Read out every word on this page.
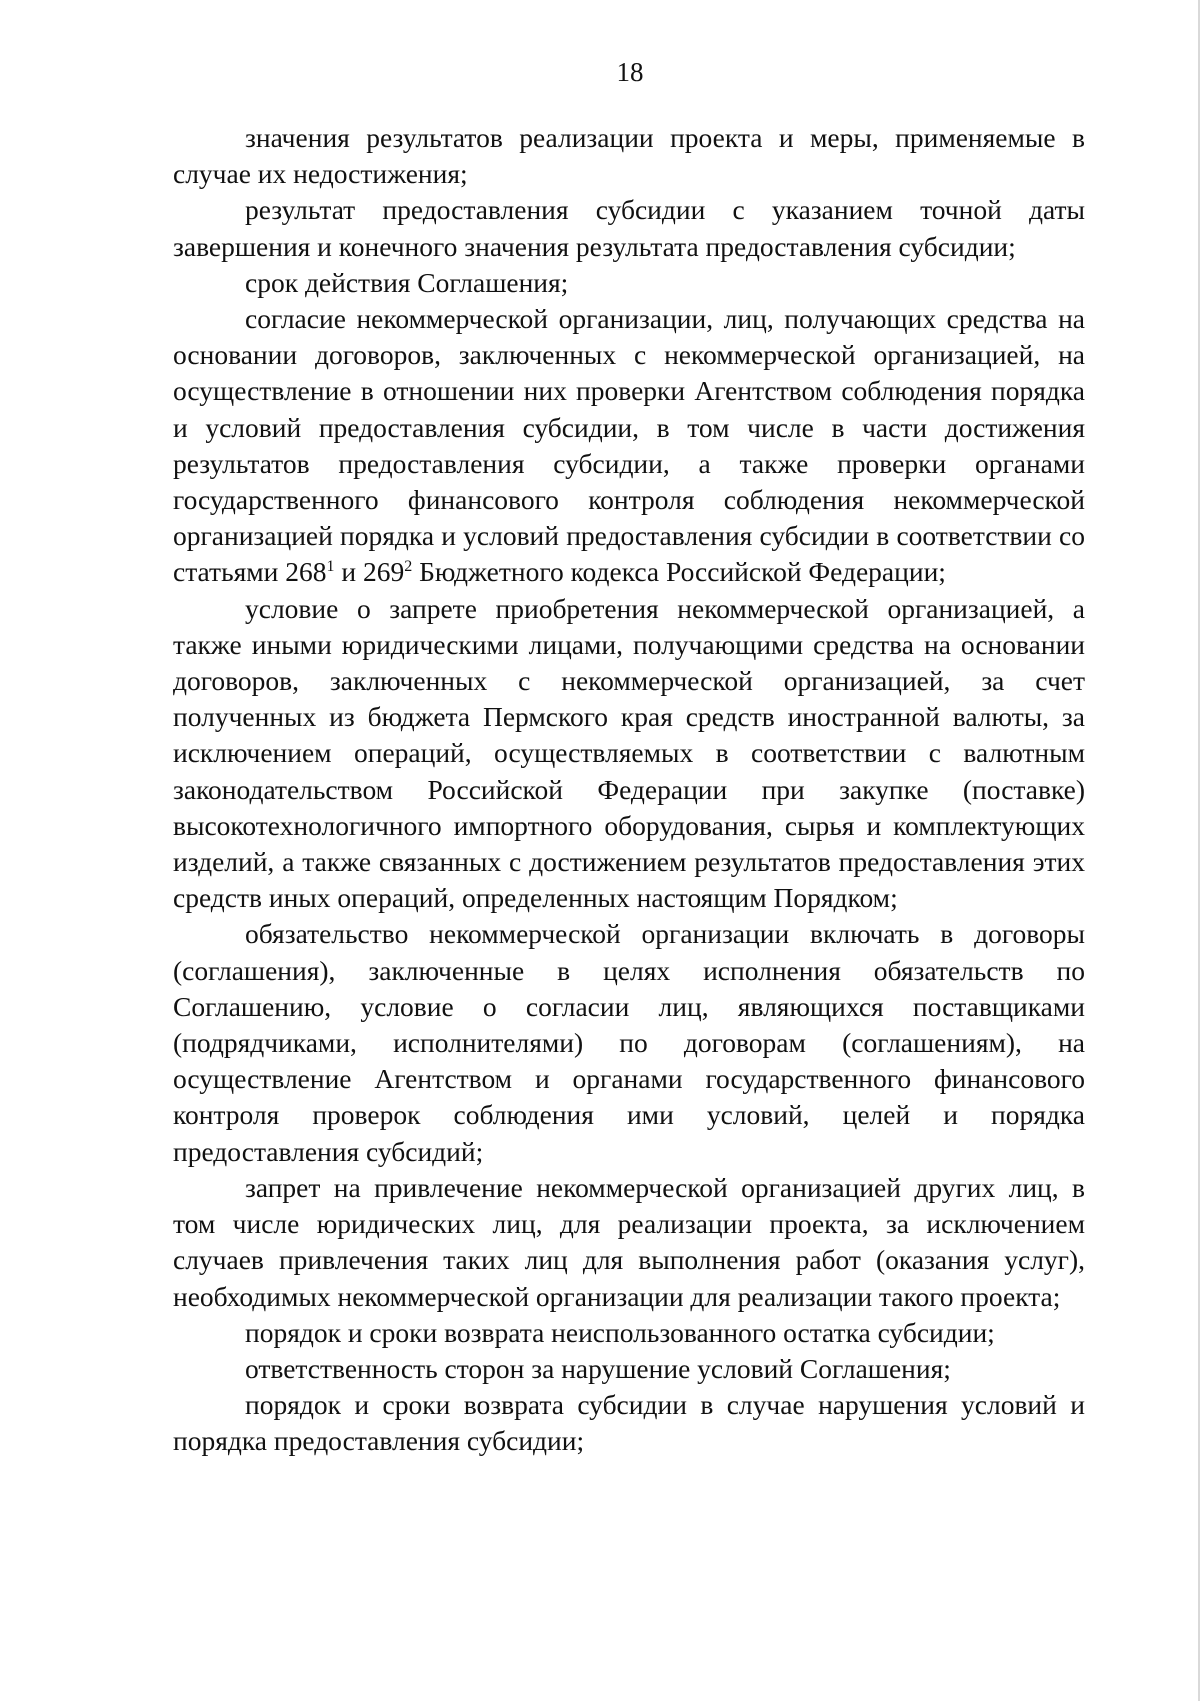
18

значения результатов реализации проекта и меры, применяемые в случае их недостижения;

результат предоставления субсидии с указанием точной даты завершения и конечного значения результата предоставления субсидии;

срок действия Соглашения;

согласие некоммерческой организации, лиц, получающих средства на основании договоров, заключенных с некоммерческой организацией, на осуществление в отношении них проверки Агентством соблюдения порядка и условий предоставления субсидии, в том числе в части достижения результатов предоставления субсидии, а также проверки органами государственного финансового контроля соблюдения некоммерческой организацией порядка и условий предоставления субсидии в соответствии со статьями $268^1$ и $269^2$ Бюджетного кодекса Российской Федерации;

условие о запрете приобретения некоммерческой организацией, а также иными юридическими лицами, получающими средства на основании договоров, заключенных с некоммерческой организацией, за счет полученных из бюджета Пермского края средств иностранной валюты, за исключением операций, осуществляемых в соответствии с валютным законодательством Российской Федерации при закупке (поставке) высокотехнологичного импортного оборудования, сырья и комплектующих изделий, а также связанных с достижением результатов предоставления этих средств иных операций, определенных настоящим Порядком;

обязательство некоммерческой организации включать в договоры (соглашения), заключенные в целях исполнения обязательств по Соглашению, условие о согласии лиц, являющихся поставщиками (подрядчиками, исполнителями) по договорам (соглашениям), на осуществление Агентством и органами государственного финансового контроля проверок соблюдения ими условий, целей и порядка предоставления субсидий;

запрет на привлечение некоммерческой организацией других лиц, в том числе юридических лиц, для реализации проекта, за исключением случаев привлечения таких лиц для выполнения работ (оказания услуг), необходимых некоммерческой организации для реализации такого проекта;

порядок и сроки возврата неиспользованного остатка субсидии;

ответственность сторон за нарушение условий Соглашения;

порядок и сроки возврата субсидии в случае нарушения условий и порядка предоставления субсидии;
